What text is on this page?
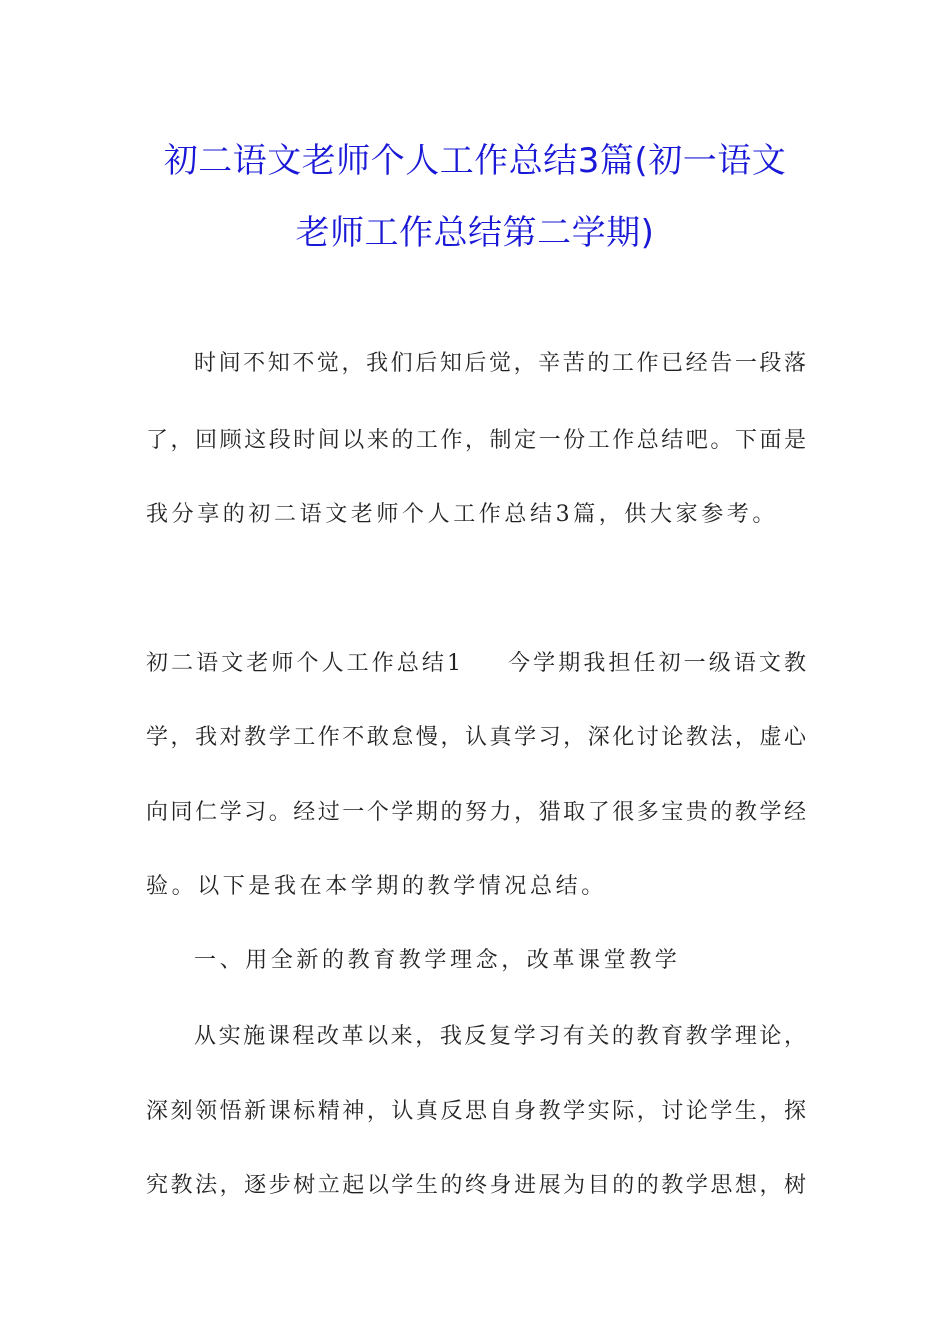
初二语文老师个人工作总结3篇(初一语文
老师工作总结第二学期)
时间不知不觉，我们后知后觉，辛苦的工作已经告一段落
了，回顾这段时间以来的工作，制定一份工作总结吧。下面是
我分享的初二语文老师个人工作总结3篇，供大家参考。
初二语文老师个人工作总结1 今学期我担任初一级语文教
学，我对教学工作不敢怠慢，认真学习，深化讨论教法，虚心
向同仁学习。经过一个学期的努力，猎取了很多宝贵的教学经
验。以下是我在本学期的教学情况总结。
一、用全新的教育教学理念，改革课堂教学
从实施课程改革以来，我反复学习有关的教育教学理论，
深刻领悟新课标精神，认真反思自身教学实际，讨论学生，探
究教法，逐步树立起以学生的终身进展为目的的教学思想，树
